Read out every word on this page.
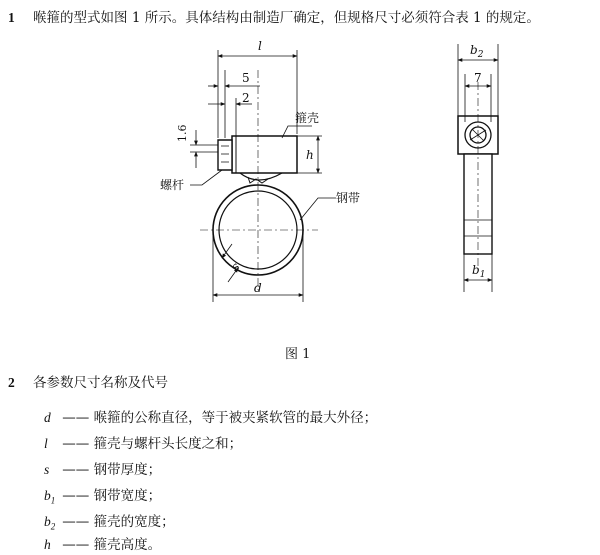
1 喉箍的型式如图 1 所示。具体结构由制造厂确定，但规格尺寸必须符合表 1 的规定。
l
5
2
1.6
箍壳
h
螺杆
钢带
s
d
$b_2$
7
$b_1$
图 1
2 各参数尺寸名称及代号
d —— 喉箍的公称直径，等于被夹紧软管的最大外径；
l —— 箍壳与螺杆头长度之和；
s —— 钢带厚度；
$b_1$ —— 钢带宽度；
$b_2$ —— 箍壳的宽度；
h —— 箍壳高度。
